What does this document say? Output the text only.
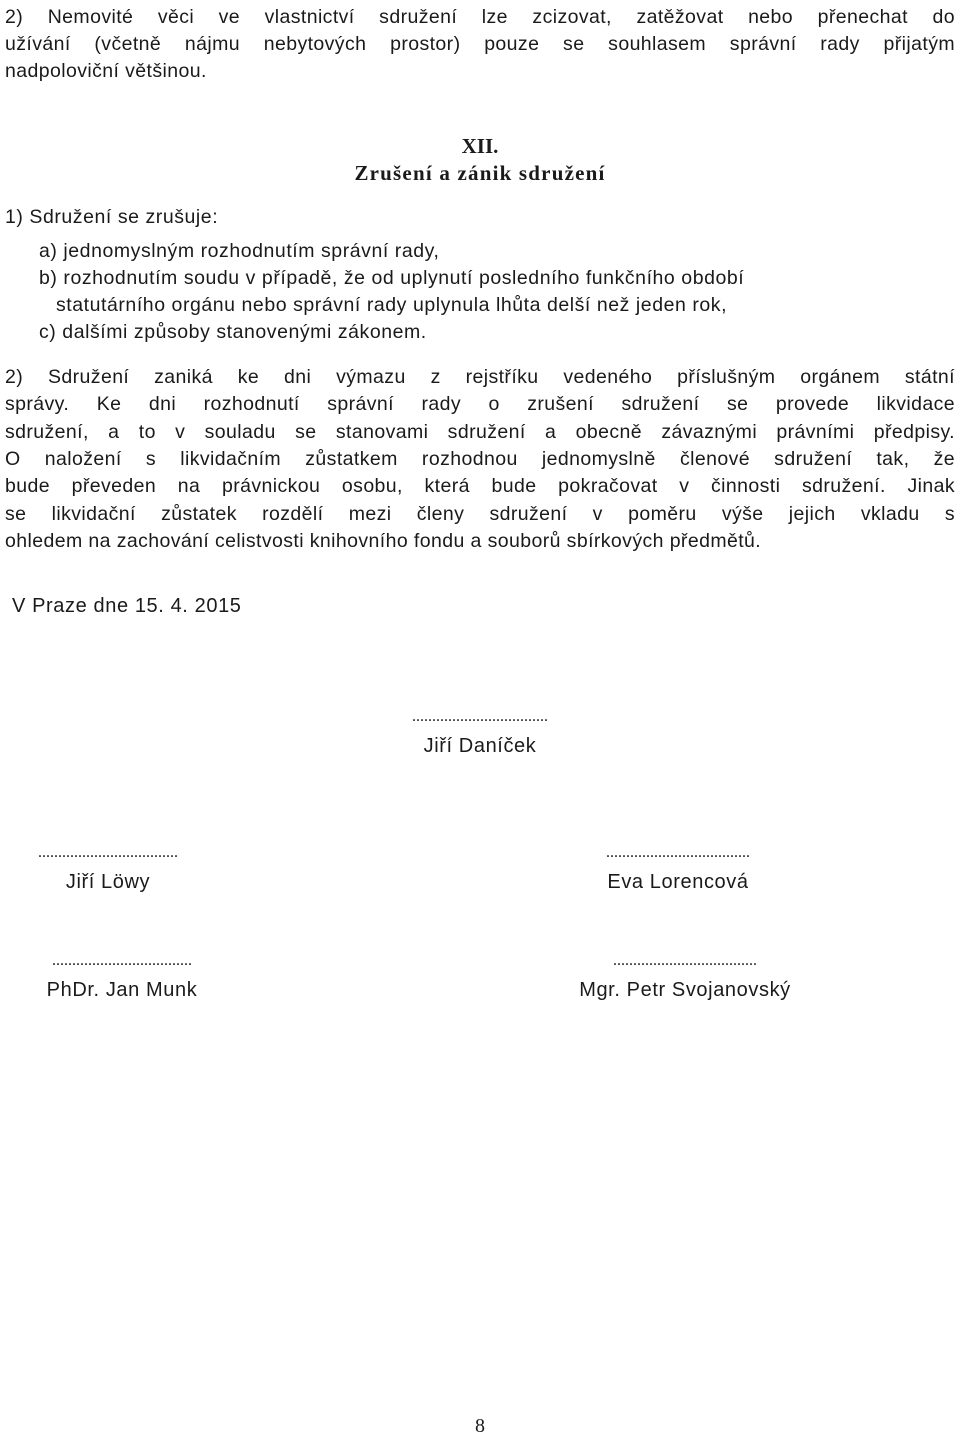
2) Nemovité věci ve vlastnictví sdružení lze zcizovat, zatěžovat nebo přenechat do
užívání (včetně nájmu nebytových prostor) pouze se souhlasem správní rady přijatým
nadpoloviční většinou.
XII.
Zrušení a zánik sdružení
1) Sdružení se zrušuje:
a) jednomyslným rozhodnutím správní rady,
b) rozhodnutím soudu v případě, že od uplynutí posledního funkčního období
statutárního orgánu nebo správní rady uplynula lhůta delší než jeden rok,
c) dalšími způsoby stanovenými zákonem.
2) Sdružení zaniká ke dni výmazu z rejstříku vedeného příslušným orgánem státní
správy. Ke dni rozhodnutí správní rady o zrušení sdružení se provede likvidace
sdružení, a to v souladu se stanovami sdružení a obecně závaznými právními předpisy.
O naložení s likvidačním zůstatkem rozhodnou jednomyslně členové sdružení tak, že
bude převeden na právnickou osobu, která bude pokračovat v činnosti sdružení. Jinak
se likvidační zůstatek rozdělí mezi členy sdružení v poměru výše jejich vkladu s
ohledem na zachování celistvosti knihovního fondu a souborů sbírkových předmětů.
V Praze dne 15. 4. 2015
..................................
Jiří Daníček
...................................
Jiří Löwy
....................................
Eva Lorencová
...................................
PhDr. Jan Munk
....................................
Mgr. Petr Svojanovský
8
